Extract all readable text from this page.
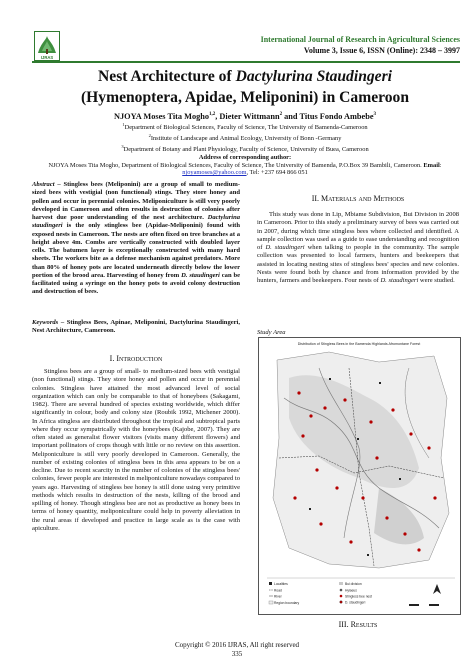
IJRAS
International Journal of Research in Agricultural Sciences
Volume 3, Issue 6, ISSN (Online): 2348 – 3997
Nest Architecture of Dactylurina Staudingeri
(Hymenoptera, Apidae, Meliponini) in Cameroon
NJOYA Moses Tita Mogho$^{1,2}$, Dieter Wittmann$^2$ and Titus Fondo Ambebe$^3$
$^1$Department of Biological Sciences, Faculty of Science, The University of Bamenda-Cameroon
$^2$Institute of Landscape and Animal Ecology, University of Bonn -Germany
$^3$Department of Botany and Plant Physiology, Faculty of Science, University of Buea, Cameroon
Address of corresponding author:
NJOYA Moses Tita Mogho, Department of Biological Sciences, Faculty of Science, The University of Bamenda, P.O.Box 39 Bambili, Cameroon. Email: njoyamoses@yahoo.com, Tel: +237 694 866 051
Abstract – Stingless bees (Meliponini) are a group of small to medium-sized bees with vestigial (non functional) stings. They store honey and pollen and occur in perennial colonies. Meliponiculture is still very poorly developed in Cameroon and often results in destruction of colonies after harvest due poor understanding of the nest architecture. Dactylurina staudingeri is the only stingless bee (Apidae-Meliponini) found with exposed nests in Cameroon. The nests are often fixed on tree branches at a height above 4m. Combs are vertically constructed with doubled layer cells. The batumen layer is exceptionally constructed with many hard sheets. The workers bite as a defense mechanism against predators. More than 80% of honey pots are located underneath directly below the lower portion of the brood area. Harvesting of honey from D. staudingeri can be facilitated using a syringe on the honey pots to avoid colony destruction and destruction of bees.
Keywords – Stingless Bees, Apinae, Meliponini, Dactylurina Staudingeri, Nest Architecture, Cameroon.
I. Introduction
Stingless bees are a group of small- to medium-sized bees with vestigial (non functional) stings. They store honey and pollen and occur in perennial colonies. Stingless have attained the most advanced level of social organization which can only be comparable to that of honeybees (Sakagami, 1982). There are several hundred of species existing worldwide, which differ significantly in colour, body and colony size (Roubik 1992, Michener 2000). In Africa stingless are distributed throughout the tropical and subtropical parts where they occur sympatrically with the honeybees (Kajobe, 2007). They are often stated as generalist flower visitors (visits many different flowers) and important pollinators of crops though with little or no review on this assertion. Meliponiculture is still very poorly developed in Cameroon. Generally, the number of existing colonies of stingless bees in this area appears to be on a decline. Due to recent scarcity in the number of colonies of the stingless bees' colonies, fewer people are interested in meliponiculture nowadays compared to years ago. Harvesting of stingless bee honey is still done using very primitive methods which results in destruction of the nests, killing of the brood and spilling of honey. Though stingless bee are not as productive as honey bees in terms of honey quantity, meliponiculture could help in poverty alleviation in the rural areas if developed and practice in large scale as is the case with apiculture.
II. Materials and Methods
This study was done in Lip, Mbiame Subdivision, Bui Division in 2008 in Cameroon. Prior to this study a preliminary survey of bees was carried out in 2007, during which time stingless bees where collected and identified. A sample collection was used as a guide to ease understanding and recognition of D. staudingeri when talking to people in the community. The sample collection was presented to local farmers, hunters and beekeepers that assisted in locating nesting sites of stingless bees' species and new colonies. Nests were found both by chance and from information provided by the hunters, farmers and beekeepers. Four nests of D. staudingeri were studied.
Study Area
Distribution of Stingless Bees in the Bamenda Highlands Afromontane Forest
Localities
Road
River
Region boundary
Bui division
Hylaeus
Stingless bee nest
D. staudingeri
III. Results
Copyright © 2016 IJRAS, All right reserved
335
